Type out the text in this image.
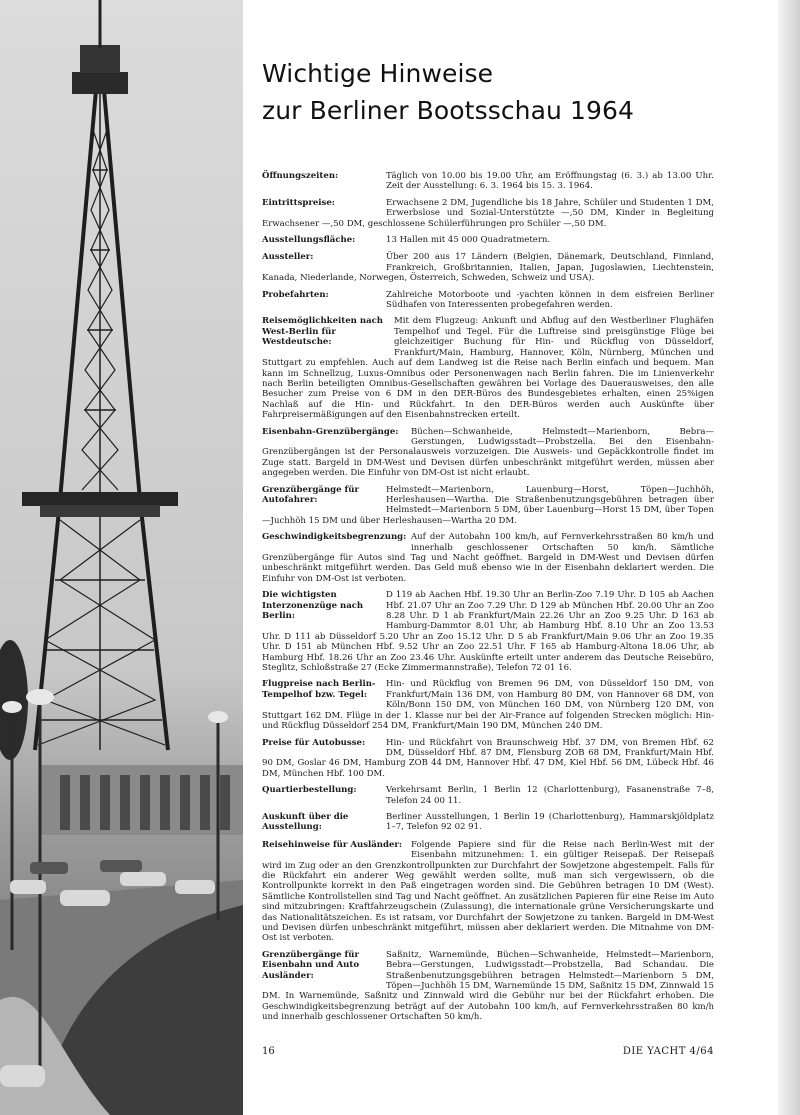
Wichtige Hinweise
zur Berliner Bootsschau 1964
Öffnungszeiten:	Täglich von 10.00 bis 19.00 Uhr, am Eröffnungstag (6. 3.) ab 13.00 Uhr. Zeit der Ausstellung: 6. 3. 1964 bis 15. 3. 1964.
Eintrittspreise:	Erwachsene 2 DM, Jugendliche bis 18 Jahre, Schüler und Studenten 1 DM, Erwerbslose und Sozial-Unterstützte —,50 DM, Kinder in Begleitung Erwachsener —,50 DM, geschlossene Schülerführungen pro Schüler —,50 DM.
Ausstellungsfläche:	13 Hallen mit 45 000 Quadratmetern.
Aussteller:	Über 200 aus 17 Ländern (Belgien, Dänemark, Deutschland, Finnland, Frankreich, Großbritannien, Italien, Japan, Jugoslawien, Liechtenstein, Kanada, Niederlande, Norwegen, Österreich, Schweden, Schweiz und USA).
Probefahrten:	Zahlreiche Motorboote und -yachten können in dem eisfreien Berliner Südhafen von Interessenten probegefahren werden.
Reisemöglichkeiten nach West-Berlin für Westdeutsche:
Mit dem Flugzeug: Ankunft und Abflug auf den Westberliner Flughäfen Tempelhof und Tegel. Für die Luftreise sind preisgünstige Flüge bei gleichzeitiger Buchung für Hin- und Rückflug von Düsseldorf, Frankfurt/Main, Hamburg, Hannover, Köln, Nürnberg, München und Stuttgart zu empfehlen. Auch auf dem Landweg ist die Reise nach Berlin einfach und bequem. Man kann im Schnellzug, Luxus-Omnibus oder Personenwagen nach Berlin fahren. Die im Linienverkehr nach Berlin beteiligten Omnibus-Gesellschaften gewähren bei Vorlage des Dauerausweises, den alle Besucher zum Preise von 6 DM in den DER-Büros des Bundesgebietes erhalten, einen 25%igen Nachlaß auf die Hin- und Rückfahrt. In den DER-Büros werden auch Auskünfte über Fahrpreisermäßigungen auf den Eisenbahnstrecken erteilt.
Eisenbahn-Grenzübergänge:	Büchen—Schwanheide, Helmstedt—Marienborn, Bebra—Gerstungen, Ludwigsstadt—Probstzella. Bei den Eisenbahn-Grenzübergängen ist der Personalausweis vorzuzeigen. Die Ausweis- und Gepäckkontrolle findet im Zuge statt. Bargeld in DM-West und Devisen dürfen unbeschränkt mitgeführt werden, müssen aber angegeben werden. Die Einfuhr von DM-Ost ist nicht erlaubt.
Grenzübergänge für Autofahrer:
Helmstedt—Marienborn, Lauenburg—Horst, Töpen—Juchhöh, Herleshausen—Wartha. Die Straßenbenutzungsgebühren betragen über Helmstedt—Marienborn 5 DM, über Lauenburg—Horst 15 DM, über Topen—Juchhöh 15 DM und über Herleshausen—Wartha 20 DM.
Geschwindigkeitsbegrenzung: Auf der Autobahn 100 km/h, auf Fernverkehrsstraßen 80 km/h und innerhalb geschlossener Ortschaften 50 km/h. Sämtliche Grenzübergänge für Autos sind Tag und Nacht geöffnet. Bargeld in DM-West und Devisen dürfen unbeschränkt mitgeführt werden. Das Geld muß ebenso wie in der Eisenbahn deklariert werden. Die Einfuhr von DM-Ost ist verboten.
Die wichtigsten Interzonenzüge nach Berlin:
D 119 ab Aachen Hbf. 19.30 Uhr an Berlin-Zoo 7.19 Uhr. D 105 ab Aachen Hbf. 21.07 Uhr an Zoo 7.29 Uhr. D 129 ab München Hbf. 20.00 Uhr an Zoo 8.28 Uhr. D 1 ab Frankfurt/Main 22.26 Uhr an Zoo 9.25 Uhr. D 163 ab Hamburg-Dammtor 8.01 Uhr, ab Hamburg Hbf. 8.10 Uhr an Zoo 13.53 Uhr. D 111 ab Düsseldorf 5.20 Uhr an Zoo 15.12 Uhr. D 5 ab Frankfurt/Main 9.06 Uhr an Zoo 19.35 Uhr. D 151 ab München Hbf. 9.52 Uhr an Zoo 22.51 Uhr. F 165 ab Hamburg-Altona 18.06 Uhr, ab Hamburg Hbf. 18.26 Uhr an Zoo 23.46 Uhr. Auskünfte erteilt unter anderem das Deutsche Reisebüro, Steglitz, Schloßstraße 27 (Ecke Zimmermannstraße), Telefon 72 01 16.
Flugpreise nach Berlin-Tempelhof bzw. Tegel:
Hin- und Rückflug von Bremen 96 DM, von Düsseldorf 150 DM, von Frankfurt/Main 136 DM, von Hamburg 80 DM, von Hannover 68 DM, von Köln/Bonn 150 DM, von München 160 DM, von Nürnberg 120 DM, von Stuttgart 162 DM. Flüge in der 1. Klasse nur bei der Air-France auf folgenden Strecken möglich: Hin- und Rückflug Düsseldorf 254 DM, Frankfurt/Main 190 DM, München 240 DM.
Preise für Autobusse:	Hin- und Rückfahrt von Braunschweig Hbf. 37 DM, von Bremen Hbf. 62 DM, Düsseldorf Hbf. 87 DM, Flensburg ZOB 68 DM, Frankfurt/Main Hbf. 90 DM, Goslar 46 DM, Hamburg ZOB 44 DM, Hannover Hbf. 47 DM, Kiel Hbf. 56 DM, Lübeck Hbf. 46 DM, München Hbf. 100 DM.
Quartierbestellung:	Verkehrsamt Berlin, 1 Berlin 12 (Charlottenburg), Fasanenstraße 7–8, Telefon 24 00 11.
Auskunft über die Ausstellung:
Berliner Ausstellungen, 1 Berlin 19 (Charlottenburg), Hammarskjöldplatz 1–7, Telefon 92 02 91.
Reisehinweise für Ausländer:	Folgende Papiere sind für die Reise nach Berlin-West mit der Eisenbahn mitzunehmen: 1. ein gültiger Reisepaß. Der Reisepaß wird im Zug oder an den Grenzkontrollpunkten zur Durchfahrt der Sowjetzone abgestempelt. Falls für die Rückfahrt ein anderer Weg gewählt werden sollte, muß man sich vergewissern, ob die Kontrollpunkte korrekt in den Paß eingetragen worden sind. Die Gebühren betragen 10 DM (West). Sämtliche Kontrollstellen sind Tag und Nacht geöffnet. An zusätzlichen Papieren für eine Reise im Auto sind mitzubringen: Kraftfahrzeugschein (Zulassung), die internationale grüne Versicherungskarte und das Nationalitätszeichen. Es ist ratsam, vor Durchfahrt der Sowjetzone zu tanken. Bargeld in DM-West und Devisen dürfen unbeschränkt mitgeführt, müssen aber deklariert werden. Die Mitnahme von DM-Ost ist verboten.
Grenzübergänge für Eisenbahn und Auto Ausländer:
Saßnitz, Warnemünde, Büchen—Schwanheide, Helmstedt—Marienborn, Bebra—Gerstungen, Ludwigsstadt—Probstzella, Bad Schandau. Die Straßenbenutzungsgebühren betragen Helmstedt—Marienborn 5 DM, Töpen—Juchhöh 15 DM, Warnemünde 15 DM, Saßnitz 15 DM, Zinnwald 15 DM. In Warnemünde, Saßnitz und Zinnwald wird die Gebühr nur bei der Rückfahrt erhoben. Die Geschwindigkeitsbegrenzung beträgt auf der Autobahn 100 km/h, auf Fernverkehrsstraßen 80 km/h und innerhalb geschlossener Ortschaften 50 km/h.
16	DIE YACHT 4/64
